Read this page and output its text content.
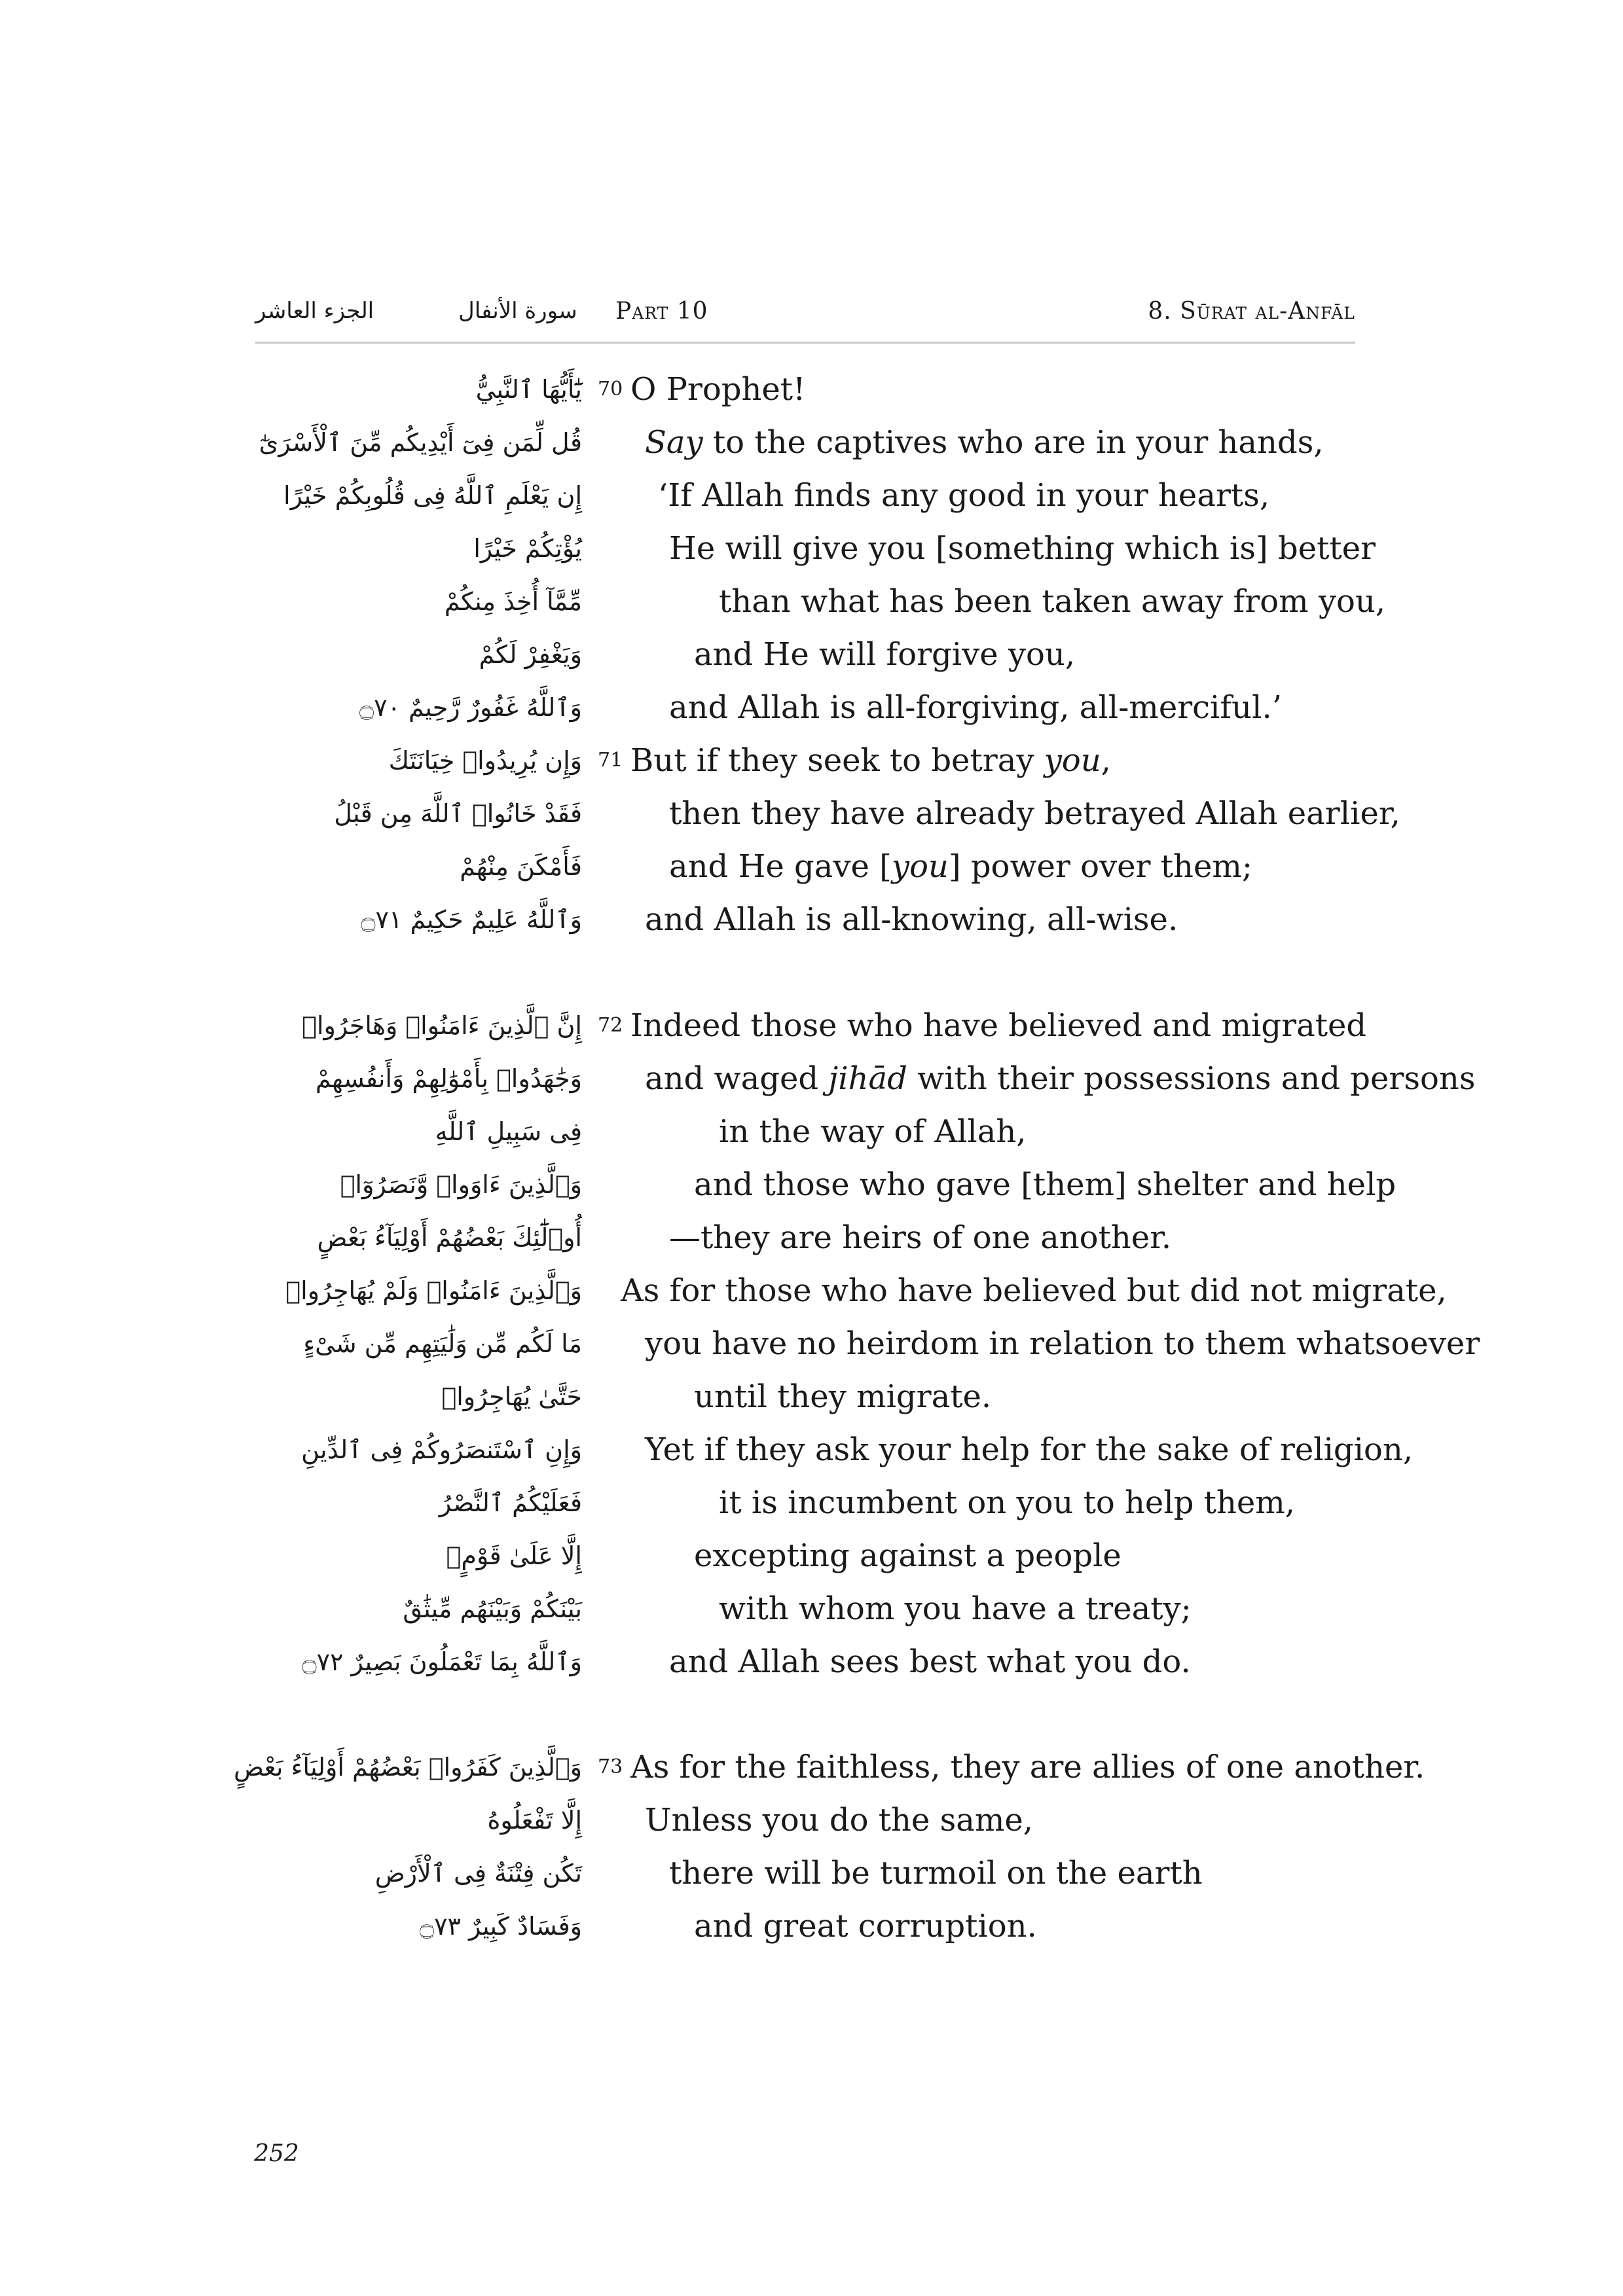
الجزء العاشر	سورة الأنفال Part 10	8. Sūrat al-Anfāl
يَٰٓأَيُّهَا ٱلنَّبِيُّ 70 O Prophet!
قُل لِّمَن فِىٓ أَيْدِيكُم مِّنَ ٱلْأَسْرَىٰٓ Say to the captives who are in your hands,
إِن يَعْلَمِ ٱللَّهُ فِى قُلُوبِكُمْ خَيْرًا ‘If Allah finds any good in your hearts,
يُؤْتِكُمْ خَيْرًا	He will give you [something which is] better
مِّمَّآ أُخِذَ مِنكُمْ	than what has been taken away from you,
وَيَغْفِرْ لَكُمْ	and He will forgive you,
وَٱللَّهُ غَفُورٌ رَّحِيمٌ ۝٧٠	and Allah is all-forgiving, all-merciful.’
وَإِن يُرِيدُوا۟ خِيَانَتَكَ 71 But if they seek to betray you,
فَقَدْ خَانُوا۟ ٱللَّهَ مِن قَبْلُ	then they have already betrayed Allah earlier,
فَأَمْكَنَ مِنْهُمْ	and He gave [you] power over them;
وَٱللَّهُ عَلِيمٌ حَكِيمٌ ۝٧١ and Allah is all-knowing, all-wise.
إِنَّ ٱلَّذِينَ ءَامَنُوا۟ وَهَاجَرُوا۟ 72 Indeed those who have believed and migrated
وَجَٰهَدُوا۟ بِأَمْوَٰلِهِمْ وَأَنفُسِهِمْ and waged jihād with their possessions and persons
فِى سَبِيلِ ٱللَّهِ	in the way of Allah,
وَٱلَّذِينَ ءَاوَوا۟ وَّنَصَرُوٓا۟	and those who gave [them] shelter and help
أُو۟لَٰٓئِكَ بَعْضُهُمْ أَوْلِيَآءُ بَعْضٍ	—they are heirs of one another.
وَٱلَّذِينَ ءَامَنُوا۟ وَلَمْ يُهَاجِرُوا۟ As for those who have believed but did not migrate,
مَا لَكُم مِّن وَلَٰيَتِهِم مِّن شَىْءٍ you have no heirdom in relation to them whatsoever
حَتَّىٰ يُهَاجِرُوا۟	until they migrate.
وَإِنِ ٱسْتَنصَرُوكُمْ فِى ٱلدِّينِ Yet if they ask your help for the sake of religion,
فَعَلَيْكُمُ ٱلنَّصْرُ	it is incumbent on you to help them,
إِلَّا عَلَىٰ قَوْمٍۭ	excepting against a people
بَيْنَكُمْ وَبَيْنَهُم مِّيثَٰقٌ	with whom you have a treaty;
وَٱللَّهُ بِمَا تَعْمَلُونَ بَصِيرٌ ۝٧٢	and Allah sees best what you do.
وَٱلَّذِينَ كَفَرُوا۟ بَعْضُهُمْ أَوْلِيَآءُ بَعْضٍ 73 As for the faithless, they are allies of one another.
إِلَّا تَفْعَلُوهُ Unless you do the same,
تَكُن فِتْنَةٌ فِى ٱلْأَرْضِ	there will be turmoil on the earth
وَفَسَادٌ كَبِيرٌ ۝٧٣	and great corruption.
252
